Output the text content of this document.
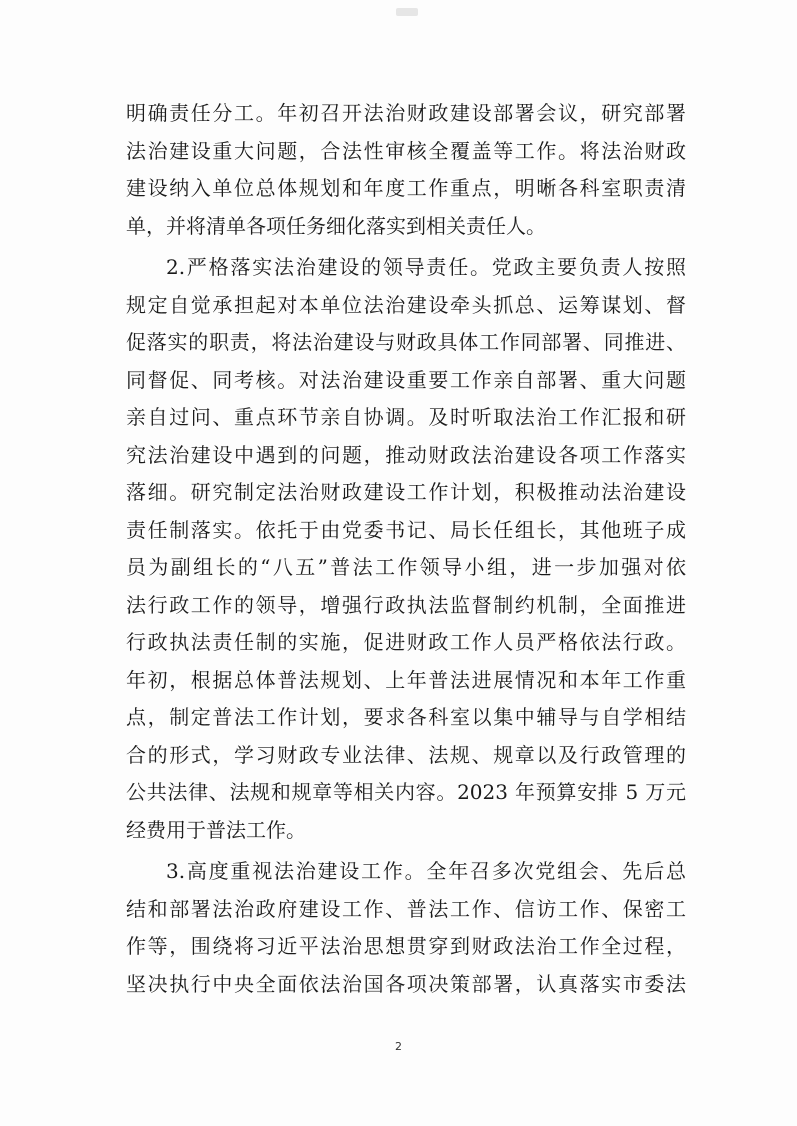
明确责任分工。年初召开法治财政建设部署会议，研究部署
法治建设重大问题，合法性审核全覆盖等工作。将法治财政
建设纳入单位总体规划和年度工作重点，明晰各科室职责清
单，并将清单各项任务细化落实到相关责任人。
2.严格落实法治建设的领导责任。党政主要负责人按照
规定自觉承担起对本单位法治建设牵头抓总、运筹谋划、督
促落实的职责，将法治建设与财政具体工作同部署、同推进、
同督促、同考核。对法治建设重要工作亲自部署、重大问题
亲自过问、重点环节亲自协调。及时听取法治工作汇报和研
究法治建设中遇到的问题，推动财政法治建设各项工作落实
落细。研究制定法治财政建设工作计划，积极推动法治建设
责任制落实。依托于由党委书记、局长任组长，其他班子成
员为副组长的“八五”普法工作领导小组，进一步加强对依
法行政工作的领导，增强行政执法监督制约机制，全面推进
行政执法责任制的实施，促进财政工作人员严格依法行政。
年初，根据总体普法规划、上年普法进展情况和本年工作重
点，制定普法工作计划，要求各科室以集中辅导与自学相结
合的形式，学习财政专业法律、法规、规章以及行政管理的
公共法律、法规和规章等相关内容。2023 年预算安排 5 万元
经费用于普法工作。
3.高度重视法治建设工作。全年召多次党组会、先后总
结和部署法治政府建设工作、普法工作、信访工作、保密工
作等，围绕将习近平法治思想贯穿到财政法治工作全过程，
坚决执行中央全面依法治国各项决策部署，认真落实市委法
2
